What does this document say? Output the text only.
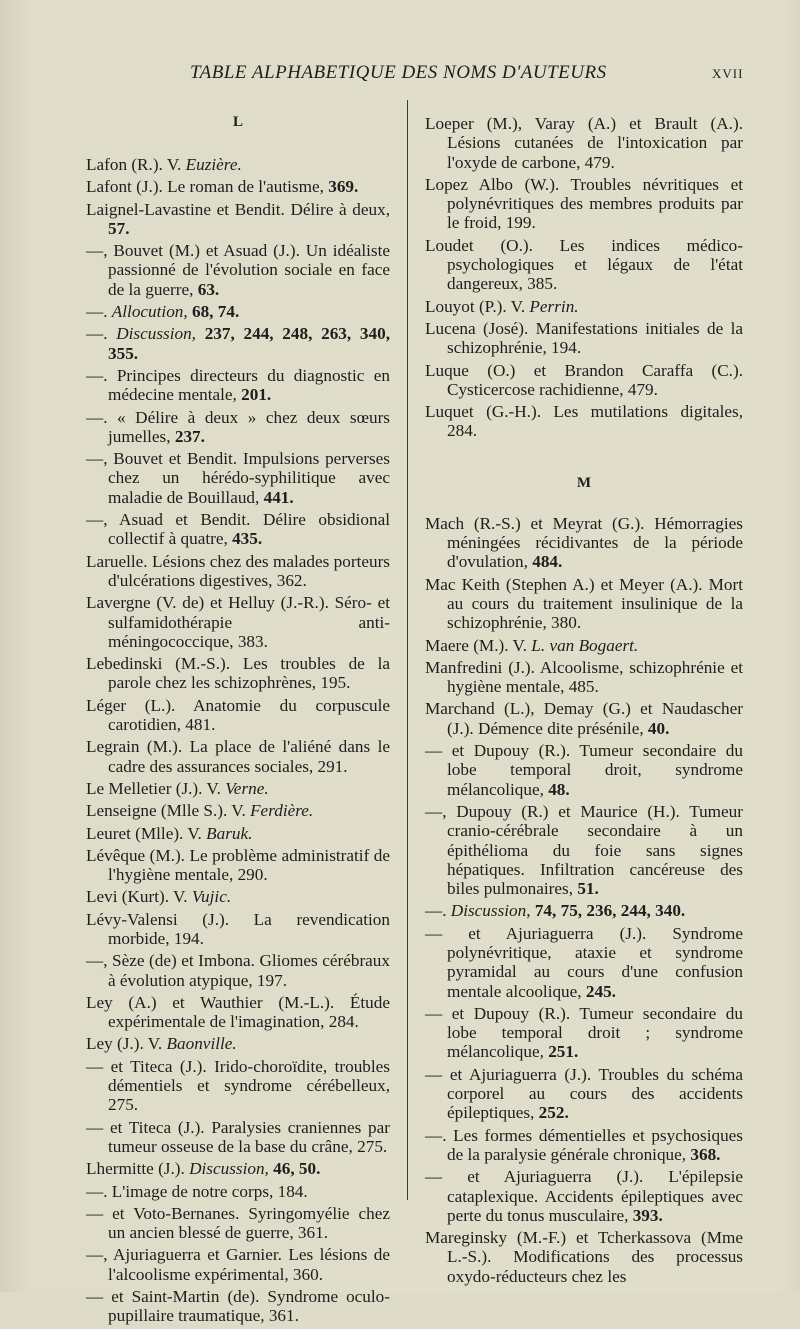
TABLE ALPHABETIQUE DES NOMS D'AUTEURS	XVII
L

Lafon (R.). V. Euzière.

Lafont (J.). Le roman de l'autisme, 369.

Laignel-Lavastine et Bendit. Délire à deux, 57.

—, Bouvet (M.) et Asuad (J.). Un idéaliste passionné de l'évolution sociale en face de la guerre, 63.

—. Allocution, 68, 74.

—. Discussion, 237, 244, 248, 263, 340, 355.

—. Principes directeurs du diagnostic en médecine mentale, 201.

—. « Délire à deux » chez deux sœurs jumelles, 237.

—, Bouvet et Bendit. Impulsions perverses chez un hérédo-syphilitique avec maladie de Bouillaud, 441.

—, Asuad et Bendit. Délire obsidional collectif à quatre, 435.

Laruelle. Lésions chez des malades porteurs d'ulcérations digestives, 362.

Lavergne (V. de) et Helluy (J.-R.). Séro- et sulfamidothérapie anti-méningococcique, 383.

Lebedinski (M.-S.). Les troubles de la parole chez les schizophrènes, 195.

Léger (L.). Anatomie du corpuscule carotidien, 481.

Legrain (M.). La place de l'aliéné dans le cadre des assurances sociales, 291.

Le Melletier (J.). V. Verne.

Lenseigne (Mlle S.). V. Ferdière.

Leuret (Mlle). V. Baruk.

Lévêque (M.). Le problème administratif de l'hygiène mentale, 290.

Levi (Kurt). V. Vujic.

Lévy-Valensi (J.). La revendication morbide, 194.

—, Sèze (de) et Imbona. Gliomes cérébraux à évolution atypique, 197.

Ley (A.) et Wauthier (M.-L.). Étude expérimentale de l'imagination, 284.

Ley (J.). V. Baonville.

— et Titeca (J.). Irido-choroïdite, troubles démentiels et syndrome cérébelleux, 275.

— et Titeca (J.). Paralysies craniennes par tumeur osseuse de la base du crâne, 275.

Lhermitte (J.). Discussion, 46, 50.

—. L'image de notre corps, 184.

— et Voto-Bernanes. Syringomyélie chez un ancien blessé de guerre, 361.

—, Ajuriaguerra et Garnier. Les lésions de l'alcoolisme expérimental, 360.

— et Saint-Martin (de). Syndrome oculo-pupillaire traumatique, 361.

Loeper (M.), Varay (A.) et Brault (A.). Lésions cutanées de l'intoxication par l'oxyde de carbone, 479.

Lopez Albo (W.). Troubles névritiques et polynévritiques des membres produits par le froid, 199.

Loudet (O.). Les indices médico-psychologiques et légaux de l'état dangereux, 385.

Louyot (P.). V. Perrin.

Lucena (José). Manifestations initiales de la schizophrénie, 194.

Luque (O.) et Brandon Caraffa (C.). Cysticercose rachidienne, 479.

Luquet (G.-H.). Les mutilations digitales, 284.

M

Mach (R.-S.) et Meyrat (G.). Hémorragies méningées récidivantes de la période d'ovulation, 484.

Mac Keith (Stephen A.) et Meyer (A.). Mort au cours du traitement insulinique de la schizophrénie, 380.

Maere (M.). V. L. van Bogaert.

Manfredini (J.). Alcoolisme, schizophrénie et hygiène mentale, 485.

Marchand (L.), Demay (G.) et Naudascher (J.). Démence dite présénile, 40.

— et Dupouy (R.). Tumeur secondaire du lobe temporal droit, syndrome mélancolique, 48.

—, Dupouy (R.) et Maurice (H.). Tumeur cranio-cérébrale secondaire à un épithélioma du foie sans signes hépatiques. Infiltration cancéreuse des biles pulmonaires, 51.

—. Discussion, 74, 75, 236, 244, 340.

— et Ajuriaguerra (J.). Syndrome polynévritique, ataxie et syndrome pyramidal au cours d'une confusion mentale alcoolique, 245.

— et Dupouy (R.). Tumeur secondaire du lobe temporal droit ; syndrome mélancolique, 251.

— et Ajuriaguerra (J.). Troubles du schéma corporel au cours des accidents épileptiques, 252.

—. Les formes démentielles et psychosiques de la paralysie générale chronique, 368.

— et Ajuriaguerra (J.). L'épilepsie cataplexique. Accidents épileptiques avec perte du tonus musculaire, 393.

Mareginsky (M.-F.) et Tcherkassova (Mme L.-S.). Modifications des processus oxydo-réducteurs chez les
